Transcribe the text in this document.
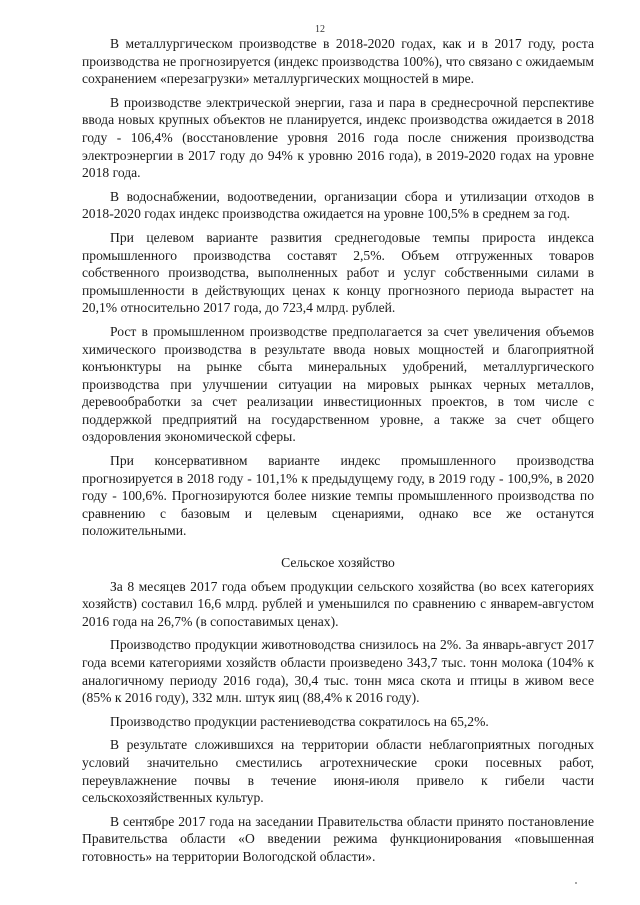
12

В металлургическом производстве в 2018-2020 годах, как и в 2017 году, роста производства не прогнозируется (индекс производства 100%), что связано с ожидаемым сохранением «перезагрузки» металлургических мощностей в мире.

В производстве электрической энергии, газа и пара в среднесрочной перспективе ввода новых крупных объектов не планируется, индекс производства ожидается в 2018 году - 106,4% (восстановление уровня 2016 года после снижения производства электроэнергии в 2017 году до 94% к уровню 2016 года), в 2019-2020 годах на уровне 2018 года.

В водоснабжении, водоотведении, организации сбора и утилизации отходов в 2018-2020 годах индекс производства ожидается на уровне 100,5% в среднем за год.

При целевом варианте развития среднегодовые темпы прироста индекса промышленного производства составят 2,5%. Объем отгруженных товаров собственного производства, выполненных работ и услуг собственными силами в промышленности в действующих ценах к концу прогнозного периода вырастет на 20,1% относительно 2017 года, до 723,4 млрд. рублей.

Рост в промышленном производстве предполагается за счет увеличения объемов химического производства в результате ввода новых мощностей и благоприятной конъюнктуры на рынке сбыта минеральных удобрений, металлургического производства при улучшении ситуации на мировых рынках черных металлов, деревообработки за счет реализации инвестиционных проектов, в том числе с поддержкой предприятий на государственном уровне, а также за счет общего оздоровления экономической сферы.

При консервативном варианте индекс промышленного производства прогнозируется в 2018 году - 101,1% к предыдущему году, в 2019 году - 100,9%, в 2020 году - 100,6%. Прогнозируются более низкие темпы промышленного производства по сравнению с базовым и целевым сценариями, однако все же останутся положительными.

Сельское хозяйство

За 8 месяцев 2017 года объем продукции сельского хозяйства (во всех категориях хозяйств) составил 16,6 млрд. рублей и уменьшился по сравнению с январем-августом 2016 года на 26,7% (в сопоставимых ценах).

Производство продукции животноводства снизилось на 2%. За январь-август 2017 года всеми категориями хозяйств области произведено 343,7 тыс. тонн молока (104% к аналогичному периоду 2016 года), 30,4 тыс. тонн мяса скота и птицы в живом весе (85% к 2016 году), 332 млн. штук яиц (88,4% к 2016 году).

Производство продукции растениеводства сократилось на 65,2%.

В результате сложившихся на территории области неблагоприятных погодных условий значительно сместились агротехнические сроки посевных работ, переувлажнение почвы в течение июня-июля привело к гибели части сельскохозяйственных культур.

В сентябре 2017 года на заседании Правительства области принято постановление Правительства области «О введении режима функционирования «повышенная готовность» на территории Вологодской области».
